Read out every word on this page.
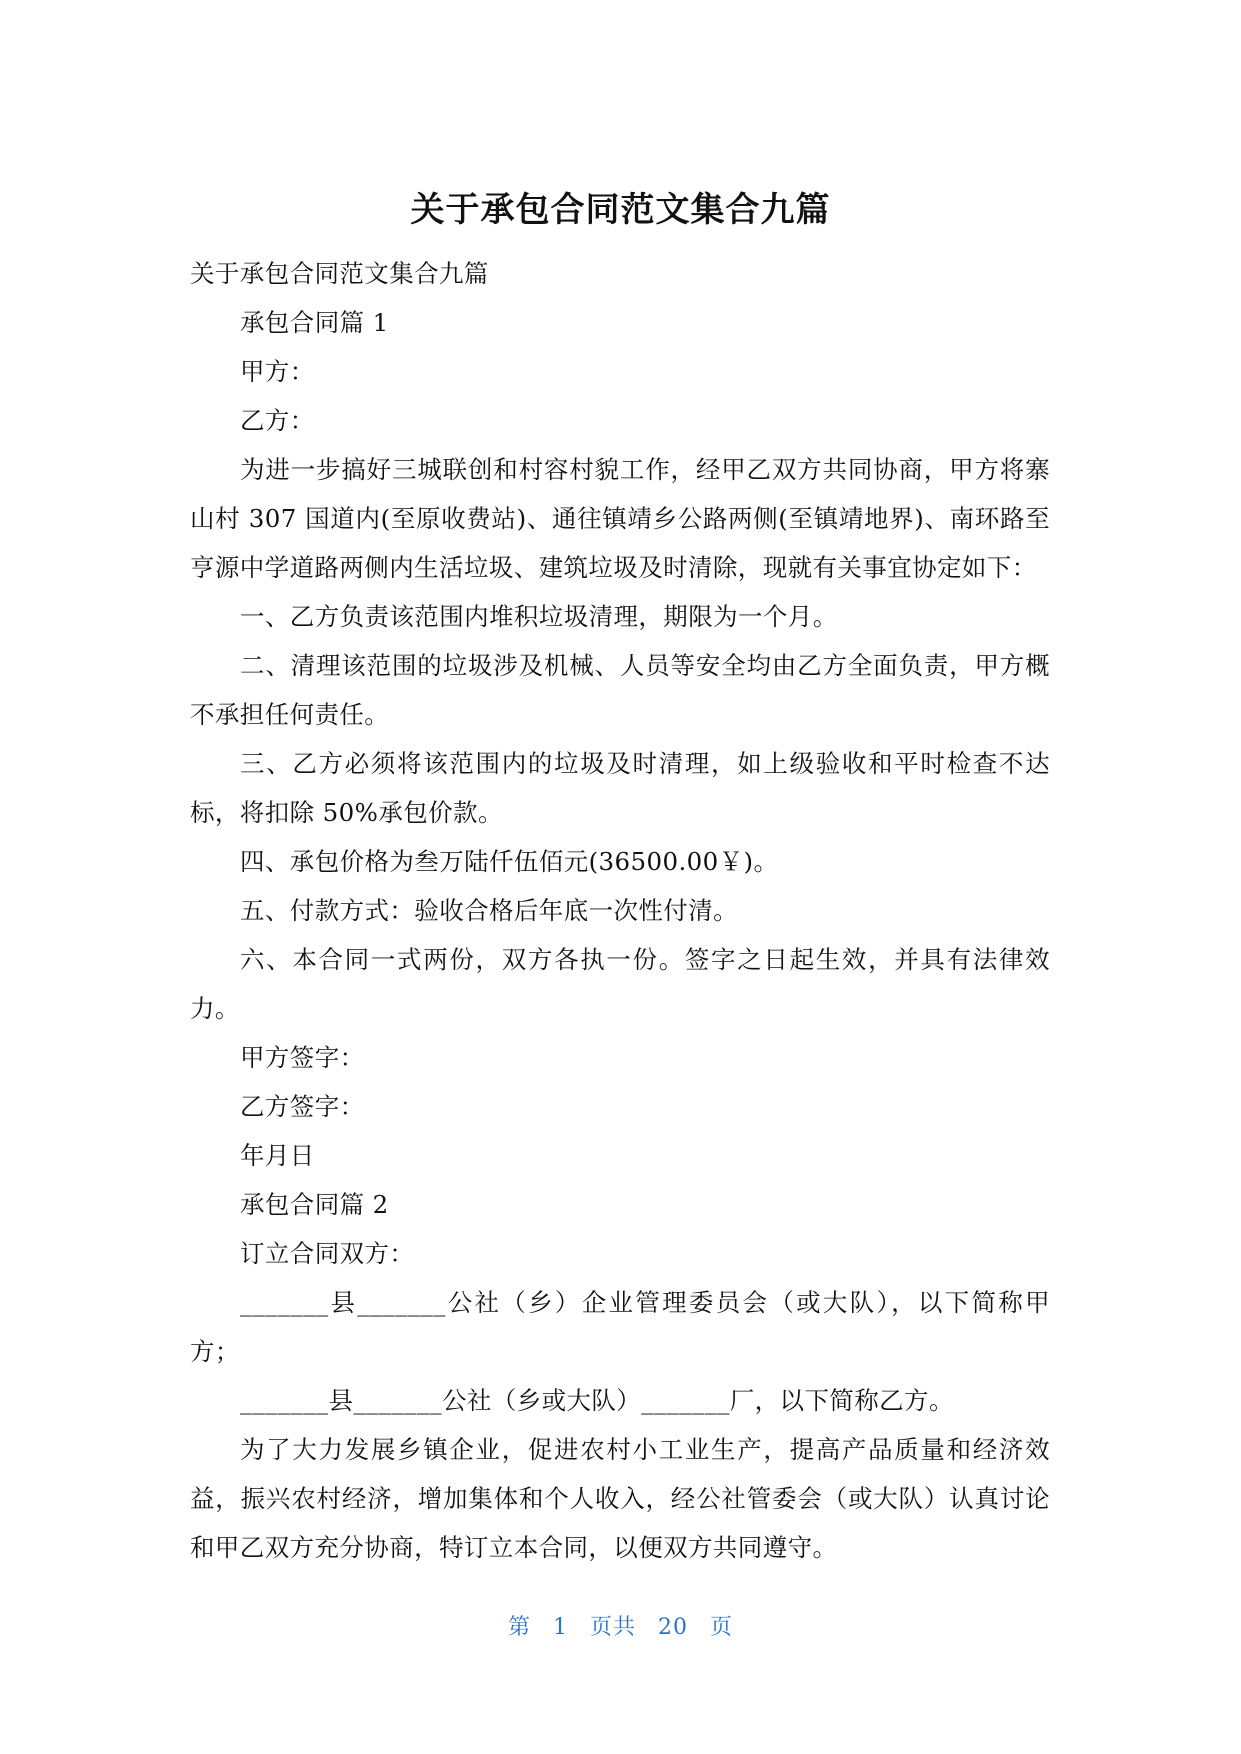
关于承包合同范文集合九篇

关于承包合同范文集合九篇

承包合同篇 1

甲方：

乙方：

为进一步搞好三城联创和村容村貌工作，经甲乙双方共同协商，甲方将寨山村 307 国道内(至原收费站)、通往镇靖乡公路两侧(至镇靖地界)、南环路至亨源中学道路两侧内生活垃圾、建筑垃圾及时清除，现就有关事宜协定如下：

一、乙方负责该范围内堆积垃圾清理，期限为一个月。

二、清理该范围的垃圾涉及机械、人员等安全均由乙方全面负责，甲方概不承担任何责任。

三、乙方必须将该范围内的垃圾及时清理，如上级验收和平时检查不达标，将扣除 50%承包价款。

四、承包价格为叁万陆仟伍佰元(36500.00￥)。

五、付款方式：验收合格后年底一次性付清。

六、本合同一式两份，双方各执一份。签字之日起生效，并具有法律效力。

甲方签字：

乙方签字：

年月日

承包合同篇 2

订立合同双方：

_______县_______公社（乡）企业管理委员会（或大队），以下简称甲方；

_______县_______公社（乡或大队）_______厂，以下简称乙方。

为了大力发展乡镇企业，促进农村小工业生产，提高产品质量和经济效益，振兴农村经济，增加集体和个人收入，经公社管委会（或大队）认真讨论和甲乙双方充分协商，特订立本合同，以便双方共同遵守。

第 1 页共 20 页
